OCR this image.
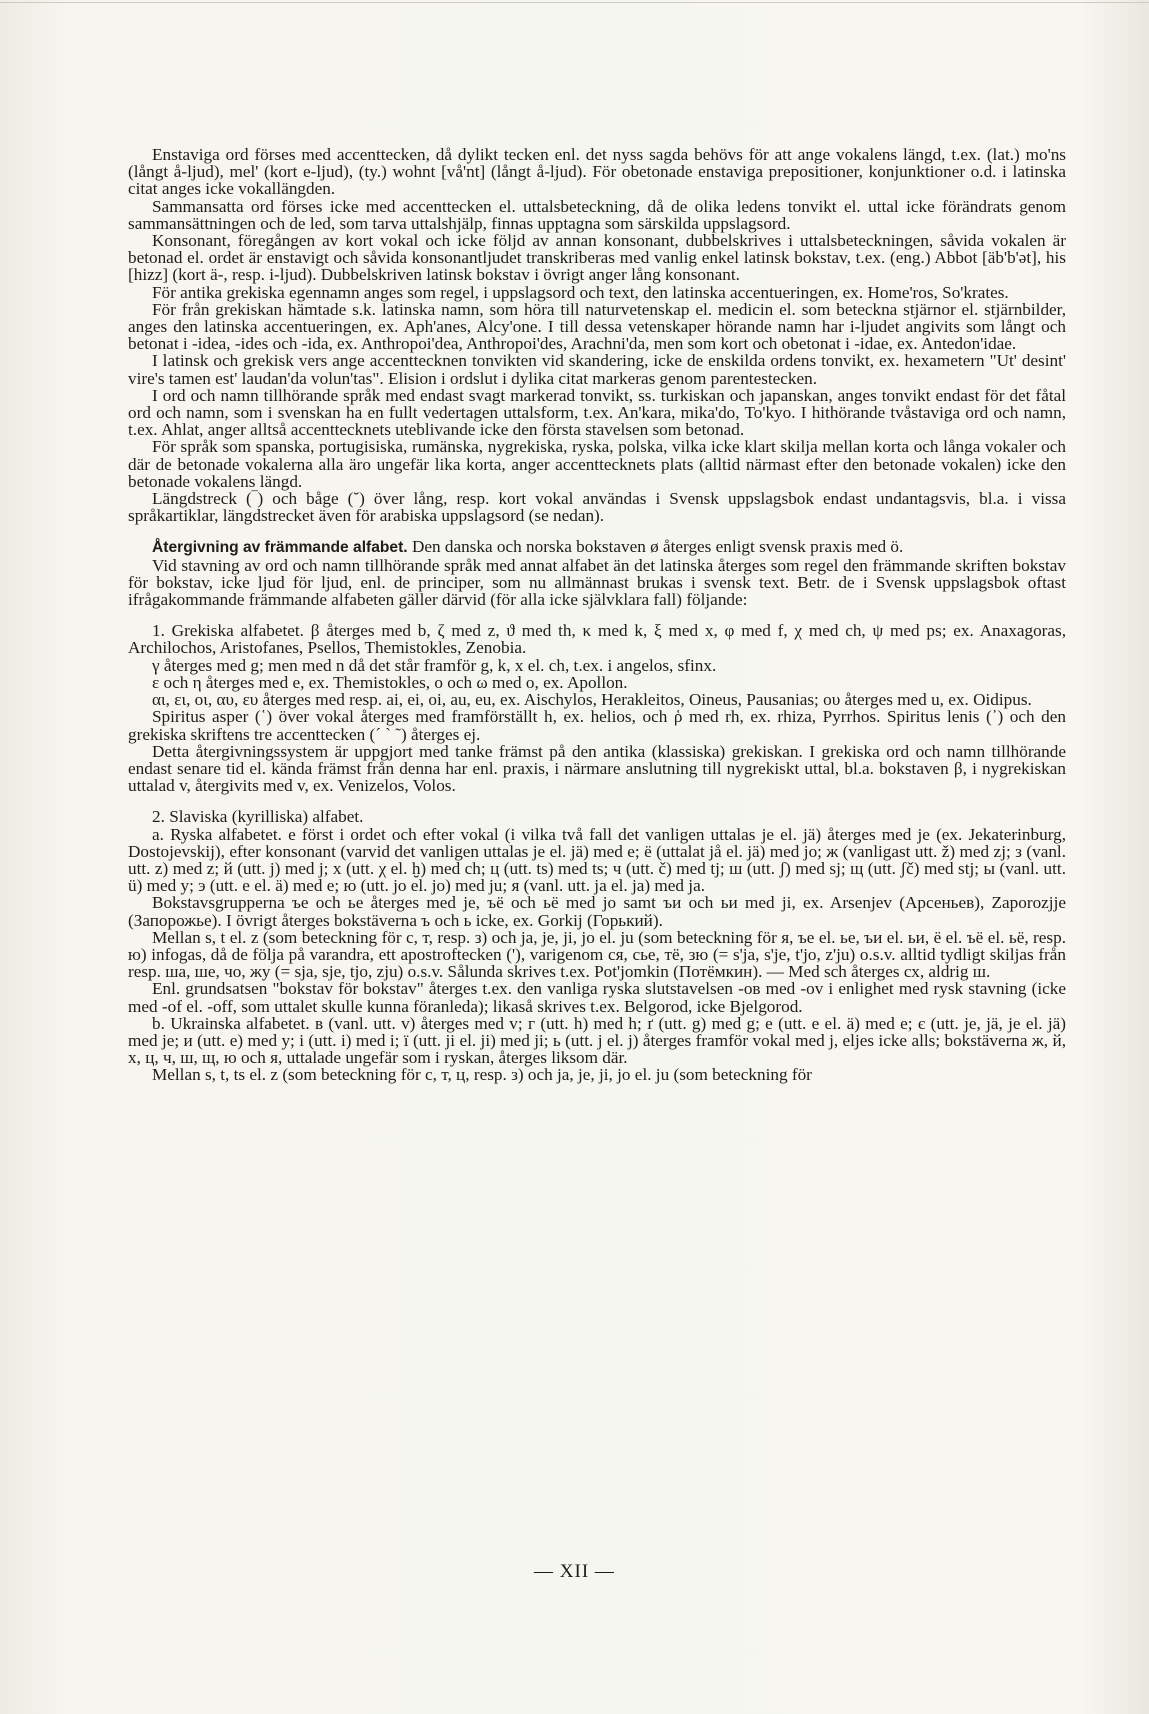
Enstaviga ord förses med accenttecken, då dylikt tecken enl. det nyss sagda behövs för att ange vokalens längd, t.ex. (lat.) mo'ns (långt å-ljud), mel' (kort e-ljud), (ty.) wohnt [vå'nt] (långt å-ljud). För obetonade enstaviga prepositioner, konjunktioner o.d. i latinska citat anges icke vokallängden.

Sammansatta ord förses icke med accenttecken el. uttalsbeteckning, då de olika ledens tonvikt el. uttal icke förändrats genom sammansättningen och de led, som tarva uttalshjälp, finnas upptagna som särskilda uppslagsord.

Konsonant, föregången av kort vokal och icke följd av annan konsonant, dubbelskrives i uttalsbeteckningen, såvida vokalen är betonad el. ordet är enstavigt och såvida konsonantljudet transkriberas med vanlig enkel latinsk bokstav, t.ex. (eng.) Abbot [äb'b'ət], his [hizz] (kort ä-, resp. i-ljud). Dubbelskriven latinsk bokstav i övrigt anger lång konsonant.

För antika grekiska egennamn anges som regel, i uppslagsord och text, den latinska accentueringen, ex. Home'ros, So'krates.

För från grekiskan hämtade s.k. latinska namn, som höra till naturvetenskap el. medicin el. som beteckna stjärnor el. stjärnbilder, anges den latinska accentueringen, ex. Aph'anes, Alcy'one. I till dessa vetenskaper hörande namn har i-ljudet angivits som långt och betonat i -idea, -ides och -ida, ex. Anthropoi'dea, Anthropoi'des, Arachni'da, men som kort och obetonat i -idae, ex. Antedon'idae.

I latinsk och grekisk vers ange accenttecknen tonvikten vid skandering, icke de enskilda ordens tonvikt, ex. hexametern "Ut' desint' vire's tamen est' laudan'da volun'tas". Elision i ordslut i dylika citat markeras genom parentestecken.

I ord och namn tillhörande språk med endast svagt markerad tonvikt, ss. turkiskan och japanskan, anges tonvikt endast för det fåtal ord och namn, som i svenskan ha en fullt vedertagen uttalsform, t.ex. An'kara, mika'do, To'kyo. I hithörande tvåstaviga ord och namn, t.ex. Ahlat, anger alltså accenttecknets uteblivande icke den första stavelsen som betonad.

För språk som spanska, portugisiska, rumänska, nygrekiska, ryska, polska, vilka icke klart skilja mellan korta och långa vokaler och där de betonade vokalerna alla äro ungefär lika korta, anger accenttecknets plats (alltid närmast efter den betonade vokalen) icke den betonade vokalens längd.

Längdstreck (‾) och båge (˘) över lång, resp. kort vokal användas i Svensk uppslagsbok endast undantagsvis, bl.a. i vissa språkartiklar, längdstrecket även för arabiska uppslagsord (se nedan).

Återgivning av främmande alfabet. Den danska och norska bokstaven ø återges enligt svensk praxis med ö.

Vid stavning av ord och namn tillhörande språk med annat alfabet än det latinska återges som regel den främmande skriften bokstav för bokstav, icke ljud för ljud, enl. de principer, som nu allmännast brukas i svensk text. Betr. de i Svensk uppslagsbok oftast ifrågakommande främmande alfabeten gäller därvid (för alla icke självklara fall) följande:

1. Grekiska alfabetet. β återges med b, ζ med z, ϑ med th, κ med k, ξ med x, φ med f, χ med ch, ψ med ps; ex. Anaxagoras, Archilochos, Aristofanes, Psellos, Themistokles, Zenobia.

γ återges med g; men med n då det står framför g, k, x el. ch, t.ex. i angelos, sfinx.

ε och η återges med e, ex. Themistokles, ο och ω med o, ex. Apollon.

αι, ει, οι, αυ, ευ återges med resp. ai, ei, oi, au, eu, ex. Aischylos, Herakleitos, Oineus, Pausanias; ου återges med u, ex. Oidipus.

Spiritus asper (῾) över vokal återges med framförställt h, ex. helios, och ῥ med rh, ex. rhiza, Pyrrhos. Spiritus lenis (᾿) och den grekiska skriftens tre accenttecken (´ ` ˜) återges ej.

Detta återgivningssystem är uppgjort med tanke främst på den antika (klassiska) grekiskan. I grekiska ord och namn tillhörande endast senare tid el. kända främst från denna har enl. praxis, i närmare anslutning till nygrekiskt uttal, bl.a. bokstaven β, i nygrekiskan uttalad v, återgivits med v, ex. Venizelos, Volos.

2. Slaviska (kyrilliska) alfabet.

a. Ryska alfabetet. е först i ordet och efter vokal (i vilka två fall det vanligen uttalas je el. jä) återges med je (ex. Jekaterinburg, Dostojevskij), efter konsonant (varvid det vanligen uttalas je el. jä) med e; ё (uttalat jå el. jä) med jo; ж (vanligast utt. ž) med zj; з (vanl. utt. z) med z; й (utt. j) med j; х (utt. χ el. ḫ) med ch; ц (utt. ts) med ts; ч (utt. č) med tj; ш (utt. ʃ) med sj; щ (utt. ʃč) med stj; ы (vanl. utt. ü) med y; э (utt. e el. ä) med e; ю (utt. jo el. jo) med ju; я (vanl. utt. ja el. ja) med ja.

Bokstavsgrupperna ъе och ье återges med je, ъё och ьё med jo samt ъи och ьи med ji, ex. Arsenjev (Арсеньев), Zaporozjje (Запорожье). I övrigt återges bokstäverna ъ och ь icke, ex. Gorkij (Горький).

Mellan s, t el. z (som beteckning för с, т, resp. з) och ja, je, ji, jo el. ju (som beteckning för я, ъе el. ье, ъи el. ьи, ё el. ъё el. ьё, resp. ю) infogas, då de följa på varandra, ett apostroftecken ('), varigenom ся, сье, тё, зю (= s'ja, s'je, t'jo, z'ju) o.s.v. alltid tydligt skiljas från resp. ша, ше, чо, жу (= sja, sje, tjo, zju) o.s.v. Sålunda skrives t.ex. Pot'jomkin (Потёмкин). — Med sch återges сх, aldrig ш.

Enl. grundsatsen "bokstav för bokstav" återges t.ex. den vanliga ryska slutstavelsen -ов med -ov i enlighet med rysk stavning (icke med -of el. -off, som uttalet skulle kunna föranleda); likaså skrives t.ex. Belgorod, icke Bjelgorod.

b. Ukrainska alfabetet. в (vanl. utt. v) återges med v; г (utt. h) med h; ґ (utt. g) med g; е (utt. e el. ä) med e; є (utt. je, jä, je el. jä) med je; и (utt. e) med y; і (utt. i) med i; ї (utt. ji el. ji) med ji; ь (utt. j el. j) återges framför vokal med j, eljes icke alls; bokstäverna ж, й, х, ц, ч, ш, щ, ю och я, uttalade ungefär som i ryskan, återges liksom där.

Mellan s, t, ts el. z (som beteckning för с, т, ц, resp. з) och ja, je, ji, jo el. ju (som beteckning för

— XII —
